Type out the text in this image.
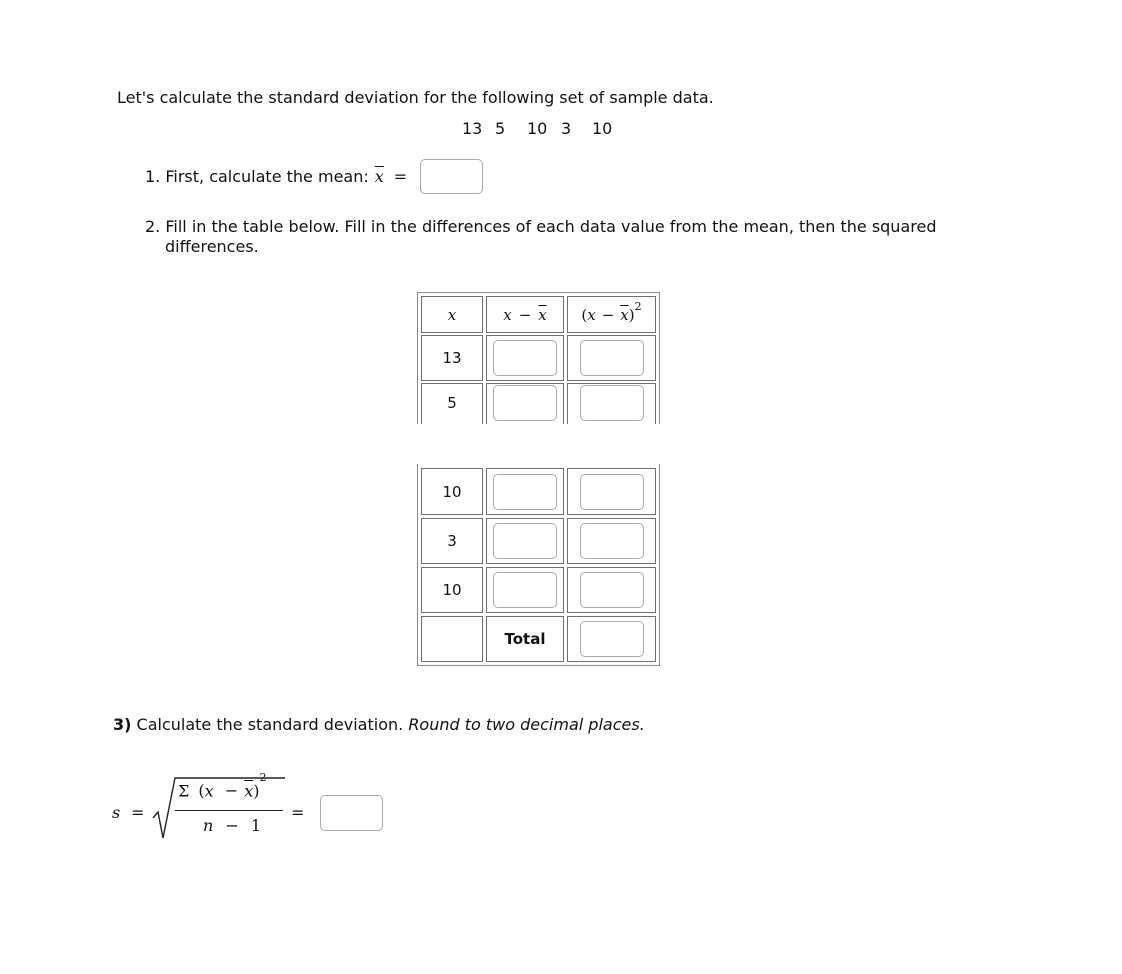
Let's calculate the standard deviation for the following set of sample data.
13 5 10 3 10
1. First, calculate the mean: $\overline{x}$ =
2. Fill in the table below. Fill in the differences of each data value from the mean, then the squared
differences.
x	$x - \overline{x}$ ( $x - \overline{x}$ )$^2$
13
5
10
3
10
Total
3) Calculate the standard deviation. Round to two decimal places.
s =
Σ $(x - \overline{x})^2$
n − 1
=
